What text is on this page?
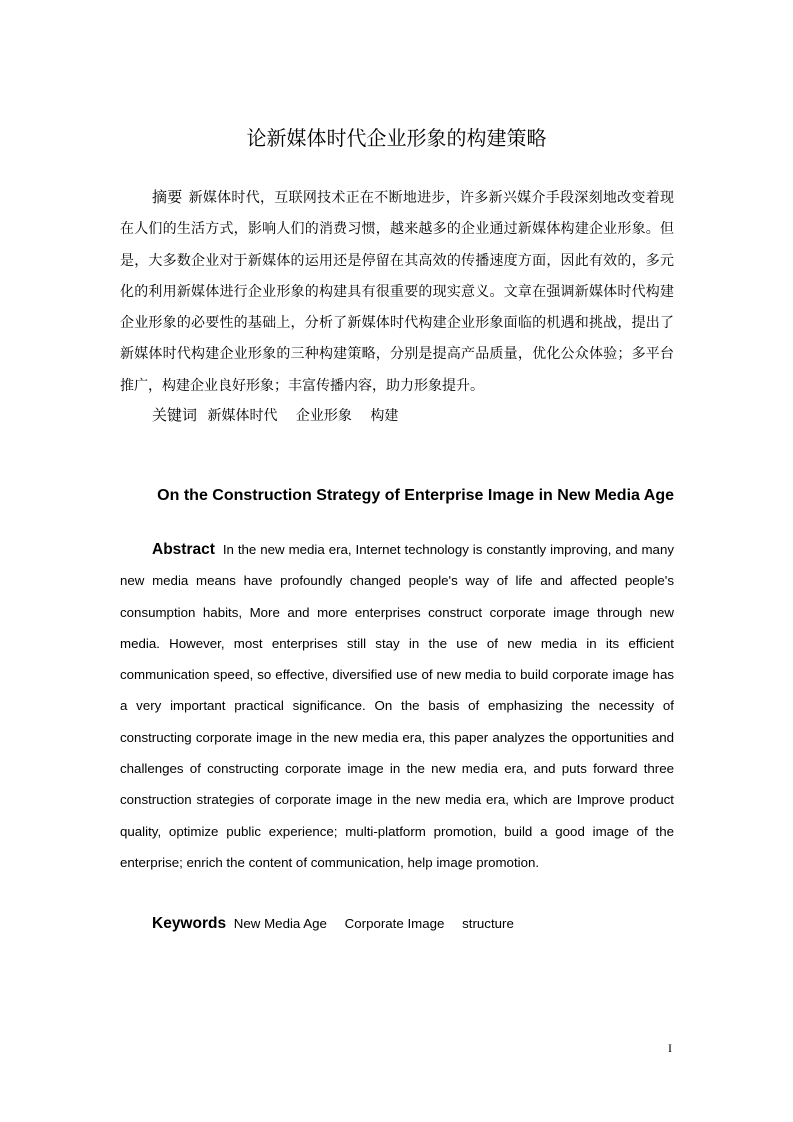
论新媒体时代企业形象的构建策略
摘要 新媒体时代，互联网技术正在不断地进步，许多新兴媒介手段深刻地改变着现在人们的生活方式，影响人们的消费习惯，越来越多的企业通过新媒体构建企业形象。但是，大多数企业对于新媒体的运用还是停留在其高效的传播速度方面，因此有效的，多元化的利用新媒体进行企业形象的构建具有很重要的现实意义。文章在强调新媒体时代构建企业形象的必要性的基础上，分析了新媒体时代构建企业形象面临的机遇和挑战，提出了新媒体时代构建企业形象的三种构建策略，分别是提高产品质量，优化公众体验；多平台推广，构建企业良好形象；丰富传播内容，助力形象提升。
关键词 新媒体时代 企业形象 构建
On the Construction Strategy of Enterprise Image in New Media Age
Abstract In the new media era, Internet technology is constantly improving, and many new media means have profoundly changed people's way of life and affected people's consumption habits, More and more enterprises construct corporate image through new media. However, most enterprises still stay in the use of new media in its efficient communication speed, so effective, diversified use of new media to build corporate image has a very important practical significance. On the basis of emphasizing the necessity of constructing corporate image in the new media era, this paper analyzes the opportunities and challenges of constructing corporate image in the new media era, and puts forward three construction strategies of corporate image in the new media era, which are Improve product quality, optimize public experience; multi-platform promotion, build a good image of the enterprise; enrich the content of communication, help image promotion.
Keywords New Media Age Corporate Image structure
I
